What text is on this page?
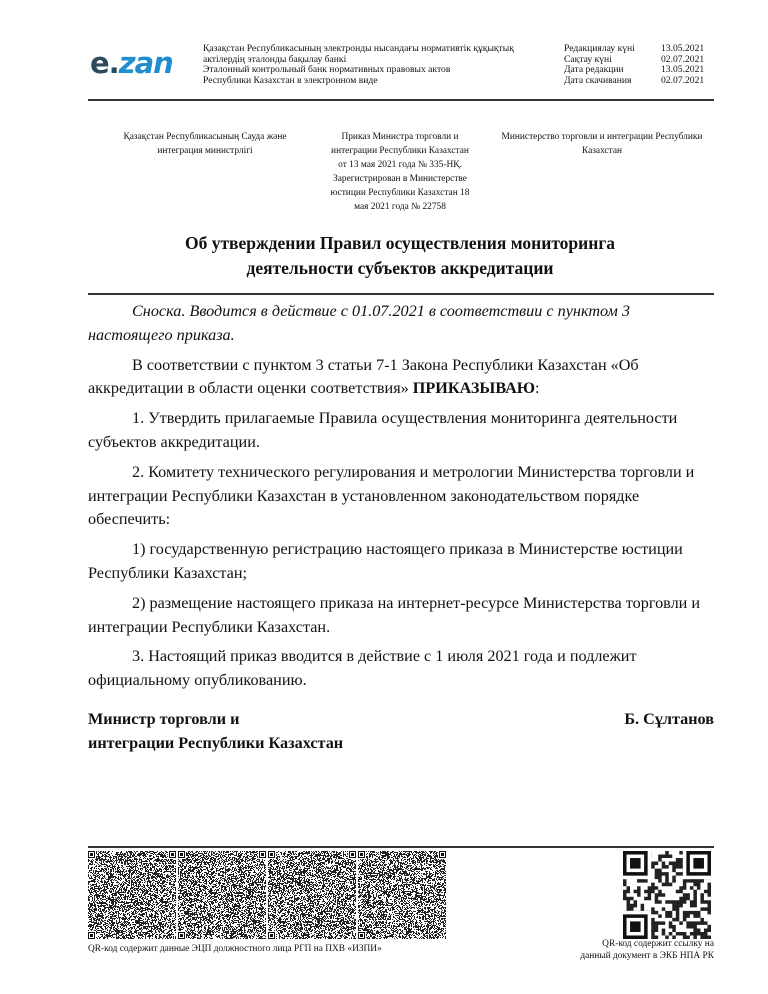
e.zan	Қазақстан Республикасының электронды нысандағы нормативтік құқықтық
актілердің эталонды бақылау банкі
Эталонный контрольный банк нормативных правовых актов
Республики Казахстан в электронном виде
Редакциялау күні	13.05.2021
Сақтау күні	02.07.2021
Дата редакции	13.05.2021
Дата скачивания	02.07.2021
Қазақстан Республикасының Сауда және
интеграция министрлігі
Приказ Министра торговли и
интеграции Республики Казахстан
от 13 мая 2021 года № 335-НҚ.
Зарегистрирован в Министерстве
юстиции Республики Казахстан 18
мая 2021 года № 22758
Министерство торговли и интеграции Республики
Казахстан
Об утверждении Правил осуществления мониторинга
деятельности субъектов аккредитации

Сноска. Вводится в действие с 01.07.2021 в соответствии с пунктом 3 настоящего приказа.

В соответствии с пунктом 3 статьи 7-1 Закона Республики Казахстан «Об аккредитации в области оценки соответствия» ПРИКАЗЫВАЮ:

1. Утвердить прилагаемые Правила осуществления мониторинга деятельности субъектов аккредитации.

2. Комитету технического регулирования и метрологии Министерства торговли и интеграции Республики Казахстан в установленном законодательством порядке обеспечить:

1) государственную регистрацию настоящего приказа в Министерстве юстиции Республики Казахстан;

2) размещение настоящего приказа на интернет-ресурсе Министерства торговли и интеграции Республики Казахстан.

3. Настоящий приказ вводится в действие с 1 июля 2021 года и подлежит официальному опубликованию.

Министр торговли и
интеграции Республики Казахстан
Б. Сұлтанов
QR-код содержит данные ЭЦП должностного лица РГП на ПХВ «ИЗПИ»	QR-код содержит ссылку на
данный документ в ЭКБ НПА РК
